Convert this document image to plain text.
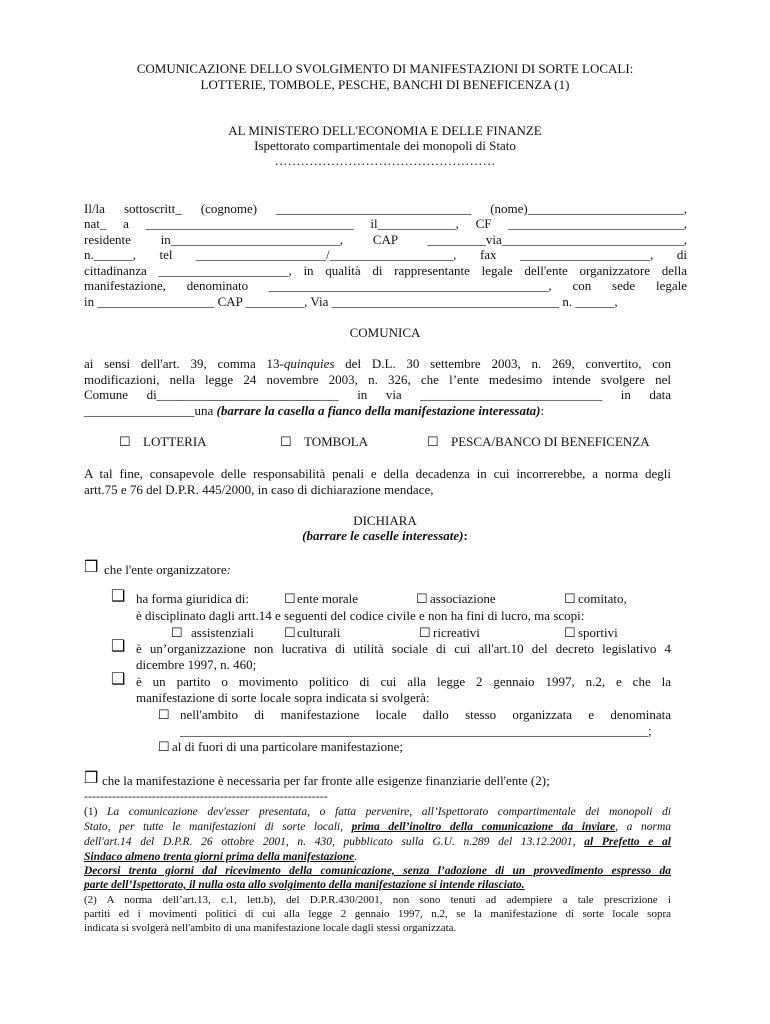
COMUNICAZIONE DELLO SVOLGIMENTO DI MANIFESTAZIONI DI SORTE LOCALI:
LOTTERIE, TOMBOLE, PESCHE, BANCHI DI BENEFICENZA (1)
AL MINISTERO DELL'ECONOMIA E DELLE FINANZE
Ispettorato compartimentale dei monopoli di Stato
……………………………………………
Il/la sottoscritt_ (cognome) ______________________________ (nome)________________________,
nat_ a ________________________________ il____________, CF ___________________________,
residente in__________________________, CAP _________via____________________________,
n.______, tel ____________________/___________________, fax ____________________, di
cittadinanza ____________________, in qualità di rappresentante legale dell'ente organizzatore della
manifestazione, denominato ___________________________________________, con sede legale
in __________________ CAP _________, Via ___________________________________ n. ______,
COMUNICA
ai sensi dell'art. 39, comma 13-quinquies del D.L. 30 settembre 2003, n. 269, convertito, con
modificazioni, nella legge 24 novembre 2003, n. 326, che l’ente medesimo intende svolgere nel
Comune di____________________________ in via ____________________________ in data
_________________una (barrare la casella a fianco della manifestazione interessata):
☐ LOTTERIA	☐ TOMBOLA	☐ PESCA/BANCO DI BENEFICENZA
A tal fine, consapevole delle responsabilità penali e della decadenza in cui incorrerebbe, a norma degli
artt.75 e 76 del D.P.R. 445/2000, in caso di dichiarazione mendace,
DICHIARA
(barrare le caselle interessate):
❒ che l'ente organizzatore:
❑ ha forma giuridica di:	☐ ente morale	☐ associazione	☐ comitato,
è disciplinato dagli artt.14 e seguenti del codice civile e non ha fini di lucro, ma scopi:
☐ assistenziali ☐ culturali	☐ ricreativi	☐ sportivi
❑ è un’organizzazione non lucrativa di utilità sociale di cui all'art.10 del decreto legislativo 4
dicembre 1997, n. 460;
❑ è un partito o movimento politico di cui alla legge 2 gennaio 1997, n.2, e che la
manifestazione di sorte locale sopra indicata si svolgerà:
☐ nell'ambito di manifestazione locale dallo stesso organizzata e denominata
________________________________________________________________________;
☐ al di fuori di una particolare manifestazione;
❒ che la manifestazione è necessaria per far fronte alle esigenze finanziarie dell'ente (2);
-------------------------------------------------------------
(1) La comunicazione dev'esser presentata, o fatta pervenire, all’Ispettorato compartimentale dei monopoli di
Stato, per tutte le manifestazioni di sorte locali, prima dell’inoltro della comunicazione da inviare, a norma
dell'art.14 del D.P.R. 26 ottobre 2001, n. 430, pubblicato sulla G.U. n.289 del 13.12.2001, al Prefetto e al
Sindaco almeno trenta giorni prima della manifestazione.
Decorsi trenta giorni dal ricevimento della comunicazione, senza l’adozione di un provvedimento espresso da
parte dell’Ispettorato, il nulla osta allo svolgimento della manifestazione si intende rilasciato.
(2) A norma dell’art.13, c.1, lett.b), del D.P.R.430/2001, non sono tenuti ad adempiere a tale prescrizione i
partiti ed i movimenti politici di cui alla legge 2 gennaio 1997, n.2, se la manifestazione di sorte locale sopra
indicata si svolgerà nell'ambito di una manifestazione locale dagli stessi organizzata.
